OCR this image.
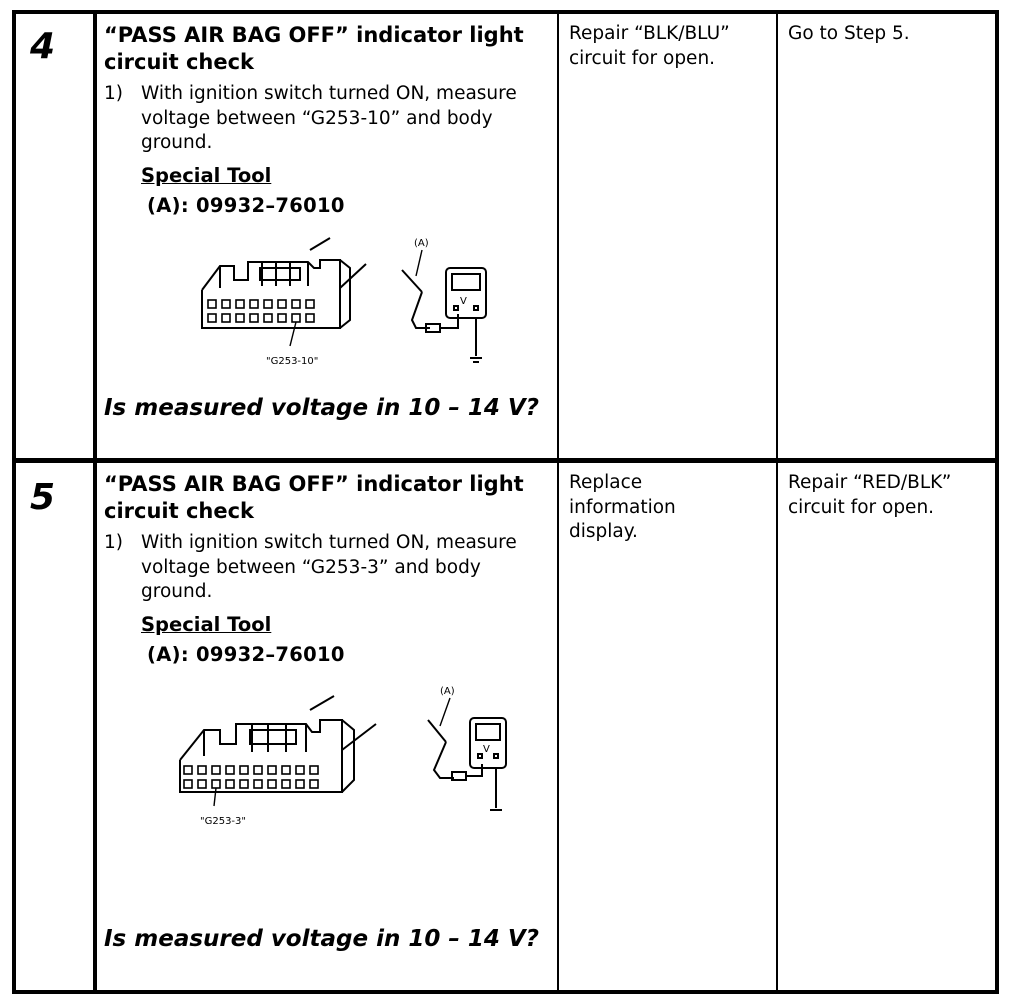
4 “PASS AIR BAG OFF” indicator light circuit check
1) With ignition switch turned ON, measure voltage between “G253-10” and body ground.
Special Tool
(A): 09932–76010
"G253-10"
(A)
V
Is measured voltage in 10 – 14 V?
Repair “BLK/BLU” circuit for open.
Go to Step 5.
5 “PASS AIR BAG OFF” indicator light circuit check
1) With ignition switch turned ON, measure voltage between “G253-3” and body ground.
Special Tool
(A): 09932–76010
"G253-3"
(A)
V
Is measured voltage in 10 – 14 V?
Replace information display.
Repair “RED/BLK” circuit for open.
